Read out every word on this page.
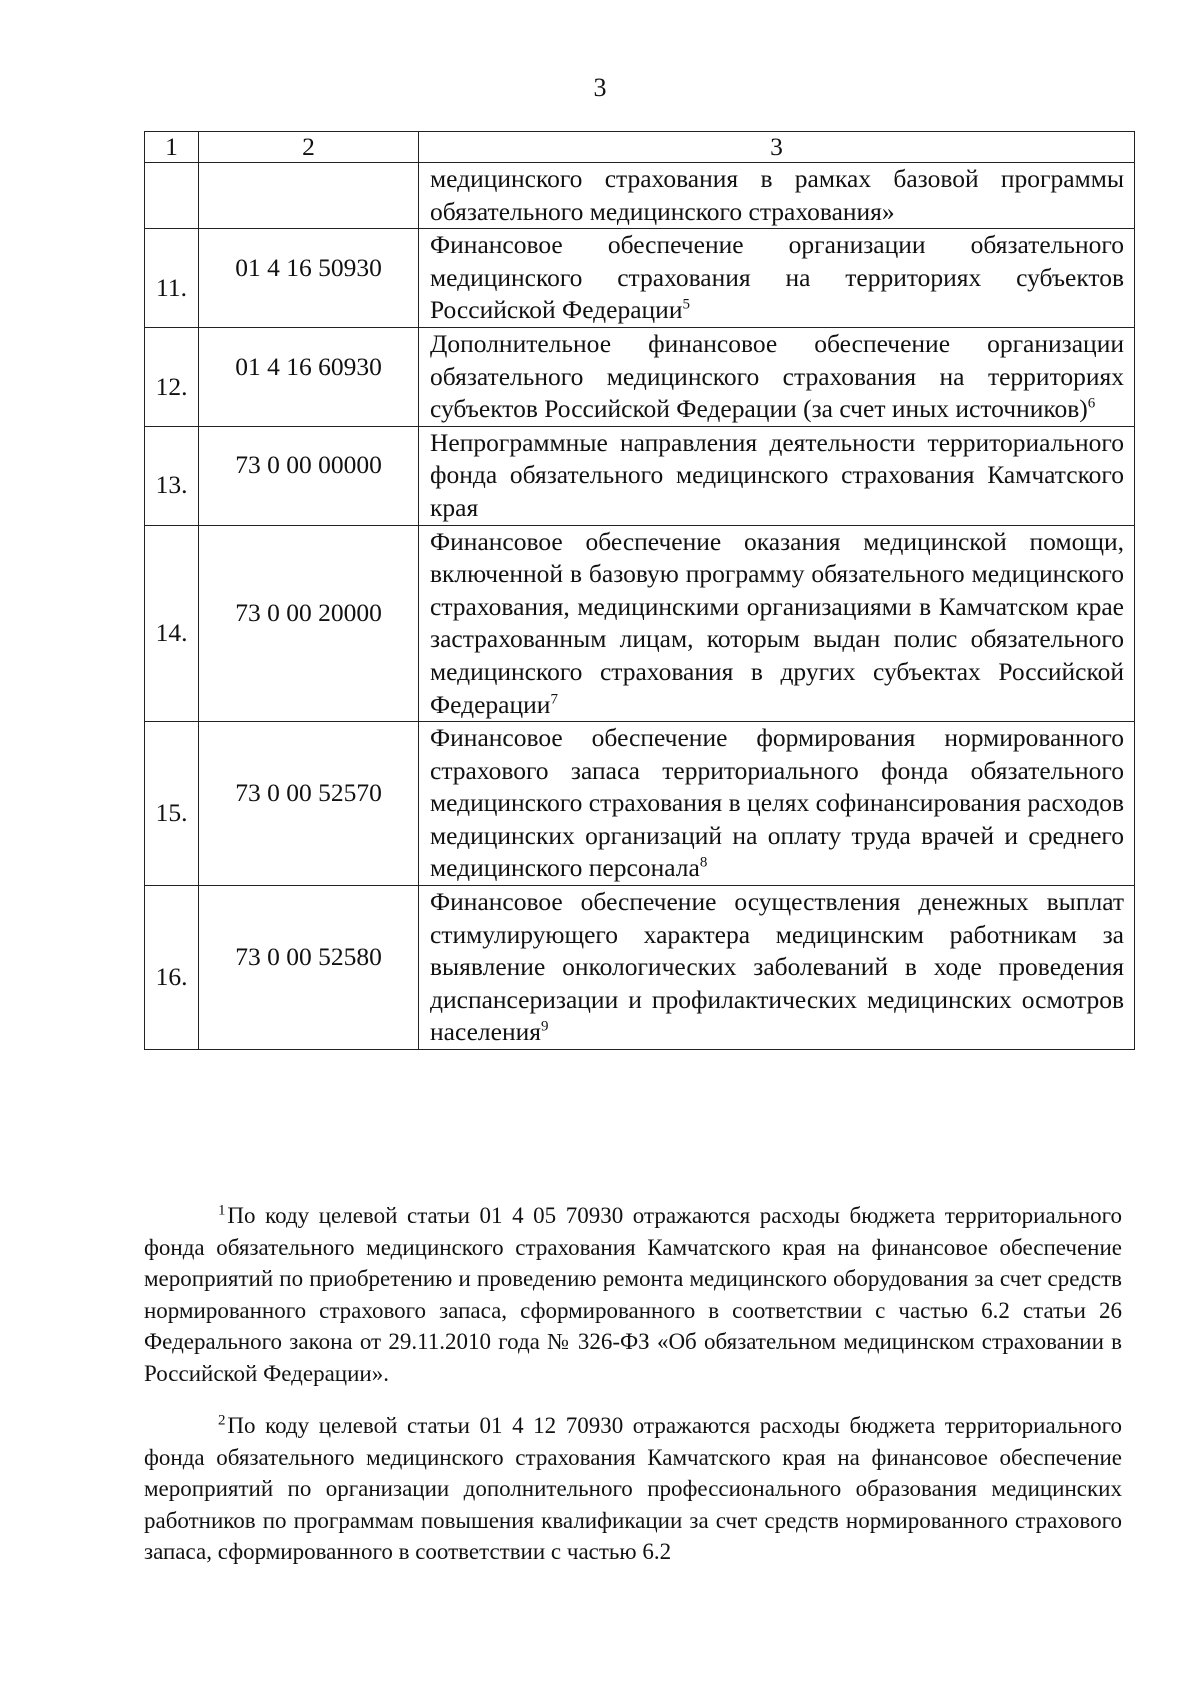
3
1	2	3
		медицинского страхования в рамках базовой программы обязательного медицинского страхования»
11.	01 4 16 50930	Финансовое обеспечение организации обязательного медицинского страхования на территориях субъектов Российской Федерации$^5$
12.	01 4 16 60930	Дополнительное финансовое обеспечение организации обязательного медицинского страхования на территориях субъектов Российской Федерации (за счет иных источников)$^6$
13.	73 0 00 00000	Непрограммные направления деятельности территориального фонда обязательного медицинского страхования Камчатского края
14.	73 0 00 20000	Финансовое обеспечение оказания медицинской помощи, включенной в базовую программу обязательного медицинского страхования, медицинскими организациями в Камчатском крае застрахованным лицам, которым выдан полис обязательного медицинского страхования в других субъектах Российской Федерации$^7$
15.	73 0 00 52570	Финансовое обеспечение формирования нормированного страхового запаса территориального фонда обязательного медицинского страхования в целях софинансирования расходов медицинских организаций на оплату труда врачей и среднего медицинского персонала$^8$
16.	73 0 00 52580	Финансовое обеспечение осуществления денежных выплат стимулирующего характера медицинским работникам за выявление онкологических заболеваний в ходе проведения диспансеризации и профилактических медицинских осмотров населения$^9$

$^1$ По коду целевой статьи 01 4 05 70930 отражаются расходы бюджета территориального фонда обязательного медицинского страхования Камчатского края на финансовое обеспечение мероприятий по приобретению и проведению ремонта медицинского оборудования за счет средств нормированного страхового запаса, сформированного в соответствии с частью 6.2 статьи 26 Федерального закона от 29.11.2010 года № 326-ФЗ «Об обязательном медицинском страховании в Российской Федерации».

$^2$ По коду целевой статьи 01 4 12 70930 отражаются расходы бюджета территориального фонда обязательного медицинского страхования Камчатского края на финансовое обеспечение мероприятий по организации дополнительного профессионального образования медицинских работников по программам повышения квалификации за счет средств нормированного страхового запаса, сформированного в соответствии с частью 6.2
